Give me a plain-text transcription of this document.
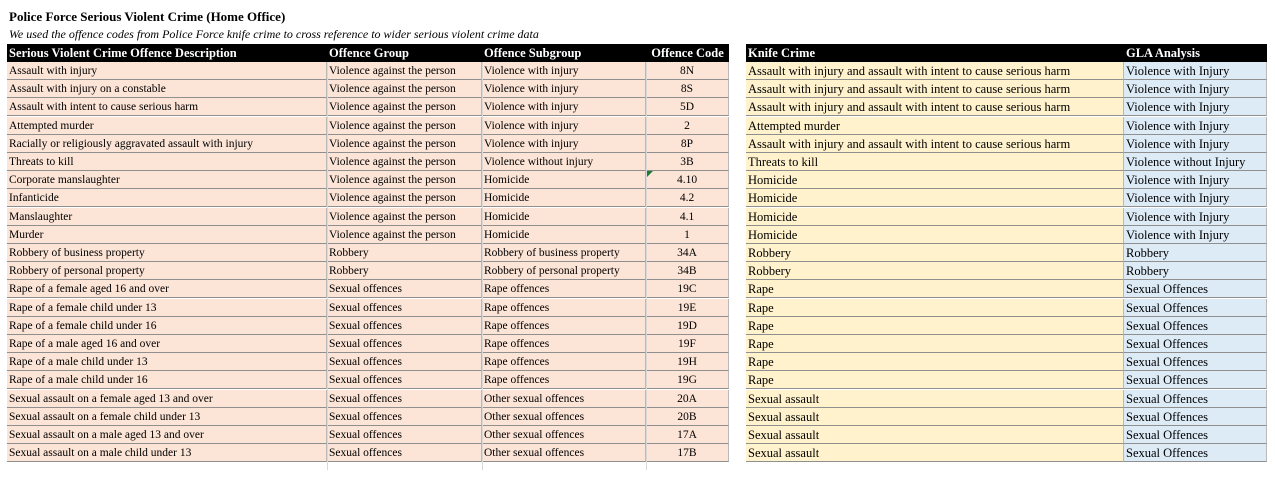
Police Force Serious Violent Crime (Home Office)
We used the offence codes from Police Force knife crime to cross reference to wider serious violent crime data
Serious Violent Crime Offence Description	Offence Group	Offence Subgroup	Offence Code	Knife Crime	GLA Analysis
Assault with injury	Violence against the person	Violence with injury	8N	Assault with injury and assault with intent to cause serious harm	Violence with Injury
Assault with injury on a constable	Violence against the person	Violence with injury	8S	Assault with injury and assault with intent to cause serious harm	Violence with Injury
Assault with intent to cause serious harm	Violence against the person	Violence with injury	5D	Assault with injury and assault with intent to cause serious harm	Violence with Injury
Attempted murder	Violence against the person	Violence with injury	2	Attempted murder	Violence with Injury
Racially or religiously aggravated assault with injury	Violence against the person	Violence with injury	8P	Assault with injury and assault with intent to cause serious harm	Violence with Injury
Threats to kill	Violence against the person	Violence without injury	3B	Threats to kill	Violence without Injury
Corporate manslaughter	Violence against the person	Homicide	4.10	Homicide	Violence with Injury
Infanticide	Violence against the person	Homicide	4.2	Homicide	Violence with Injury
Manslaughter	Violence against the person	Homicide	4.1	Homicide	Violence with Injury
Murder	Violence against the person	Homicide	1	Homicide	Violence with Injury
Robbery of business property	Robbery	Robbery of business property	34A	Robbery	Robbery
Robbery of personal property	Robbery	Robbery of personal property	34B	Robbery	Robbery
Rape of a female aged 16 and over	Sexual offences	Rape offences	19C	Rape	Sexual Offences
Rape of a female child under 13	Sexual offences	Rape offences	19E	Rape	Sexual Offences
Rape of a female child under 16	Sexual offences	Rape offences	19D	Rape	Sexual Offences
Rape of a male aged 16 and over	Sexual offences	Rape offences	19F	Rape	Sexual Offences
Rape of a male child under 13	Sexual offences	Rape offences	19H	Rape	Sexual Offences
Rape of a male child under 16	Sexual offences	Rape offences	19G	Rape	Sexual Offences
Sexual assault on a female aged 13 and over	Sexual offences	Other sexual offences	20A	Sexual assault	Sexual Offences
Sexual assault on a female child under 13	Sexual offences	Other sexual offences	20B	Sexual assault	Sexual Offences
Sexual assault on a male aged 13 and over	Sexual offences	Other sexual offences	17A	Sexual assault	Sexual Offences
Sexual assault on a male child under 13	Sexual offences	Other sexual offences	17B	Sexual assault	Sexual Offences
